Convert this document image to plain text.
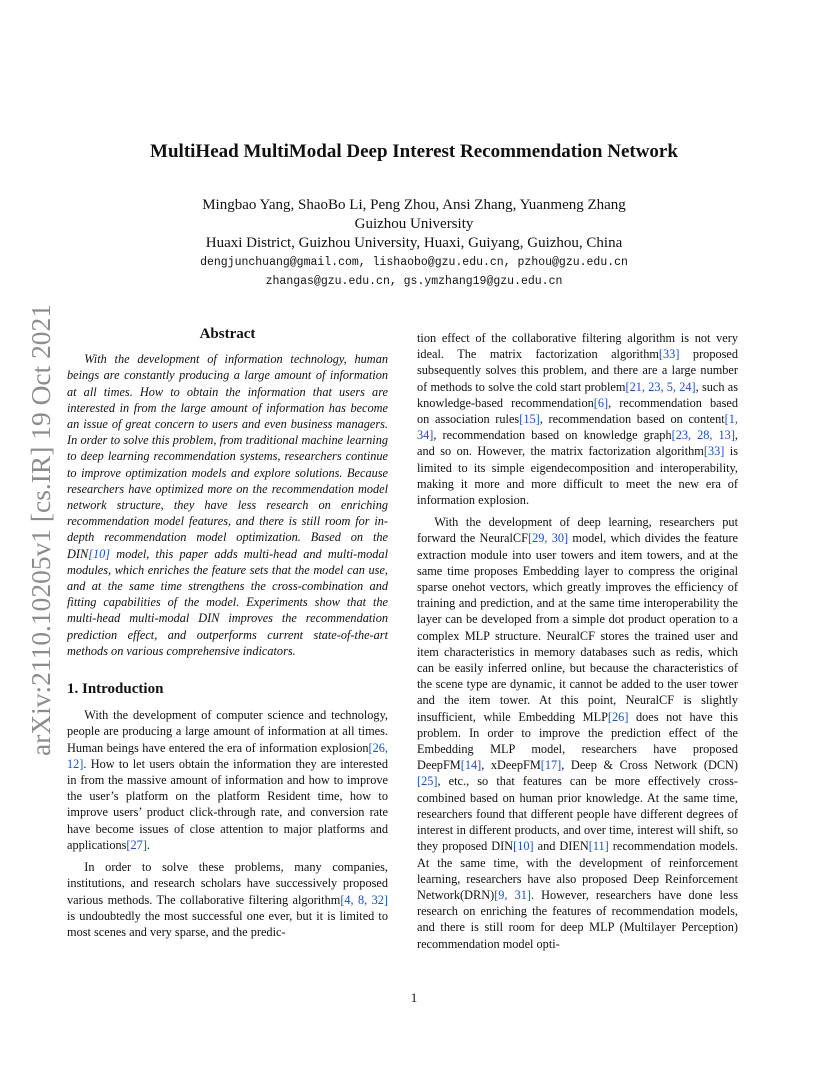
arXiv:2110.10205v1 [cs.IR] 19 Oct 2021
MultiHead MultiModal Deep Interest Recommendation Network
Mingbao Yang, ShaoBo Li, Peng Zhou, Ansi Zhang, Yuanmeng Zhang
Guizhou University
Huaxi District, Guizhou University, Huaxi, Guiyang, Guizhou, China
dengjunchuang@gmail.com, lishaobo@gzu.edu.cn, pzhou@gzu.edu.cn
zhangas@gzu.edu.cn, gs.ymzhang19@gzu.edu.cn
Abstract

With the development of information technology, human beings are constantly producing a large amount of information at all times. How to obtain the information that users are interested in from the large amount of information has become an issue of great concern to users and even business managers. In order to solve this problem, from traditional machine learning to deep learning recommendation systems, researchers continue to improve optimization models and explore solutions. Because researchers have optimized more on the recommendation model network structure, they have less research on enriching recommendation model features, and there is still room for in-depth recommendation model optimization. Based on the DIN[10] model, this paper adds multi-head and multi-modal modules, which enriches the feature sets that the model can use, and at the same time strengthens the cross-combination and fitting capabilities of the model. Experiments show that the multi-head multi-modal DIN improves the recommendation prediction effect, and outperforms current state-of-the-art methods on various comprehensive indicators.

1. Introduction

With the development of computer science and technology, people are producing a large amount of information at all times. Human beings have entered the era of information explosion[26, 12]. How to let users obtain the information they are interested in from the massive amount of information and how to improve the user’s platform on the platform Resident time, how to improve users’ product click-through rate, and conversion rate have become issues of close attention to major platforms and applications[27].

In order to solve these problems, many companies, institutions, and research scholars have successively proposed various methods. The collaborative filtering algorithm[4, 8, 32] is undoubtedly the most successful one ever, but it is limited to most scenes and very sparse, and the predic-

tion effect of the collaborative filtering algorithm is not very ideal. The matrix factorization algorithm[33] proposed subsequently solves this problem, and there are a large number of methods to solve the cold start problem[21, 23, 5, 24], such as knowledge-based recommendation[6], recommendation based on association rules[15], recommendation based on content[1, 34], recommendation based on knowledge graph[23, 28, 13], and so on. However, the matrix factorization algorithm[33] is limited to its simple eigendecomposition and interoperability, making it more and more difficult to meet the new era of information explosion.

With the development of deep learning, researchers put forward the NeuralCF[29, 30] model, which divides the feature extraction module into user towers and item towers, and at the same time proposes Embedding layer to compress the original sparse onehot vectors, which greatly improves the efficiency of training and prediction, and at the same time interoperability the layer can be developed from a simple dot product operation to a complex MLP structure. NeuralCF stores the trained user and item characteristics in memory databases such as redis, which can be easily inferred online, but because the characteristics of the scene type are dynamic, it cannot be added to the user tower and the item tower. At this point, NeuralCF is slightly insufficient, while Embedding MLP[26] does not have this problem. In order to improve the prediction effect of the Embedding MLP model, researchers have proposed DeepFM[14], xDeepFM[17], Deep & Cross Network (DCN)[25], etc., so that features can be more effectively cross-combined based on human prior knowledge. At the same time, researchers found that different people have different degrees of interest in different products, and over time, interest will shift, so they proposed DIN[10] and DIEN[11] recommendation models. At the same time, with the development of reinforcement learning, researchers have also proposed Deep Reinforcement Network(DRN)[9, 31]. However, researchers have done less research on enriching the features of recommendation models, and there is still room for deep MLP (Multilayer Perception) recommendation model opti-

1
